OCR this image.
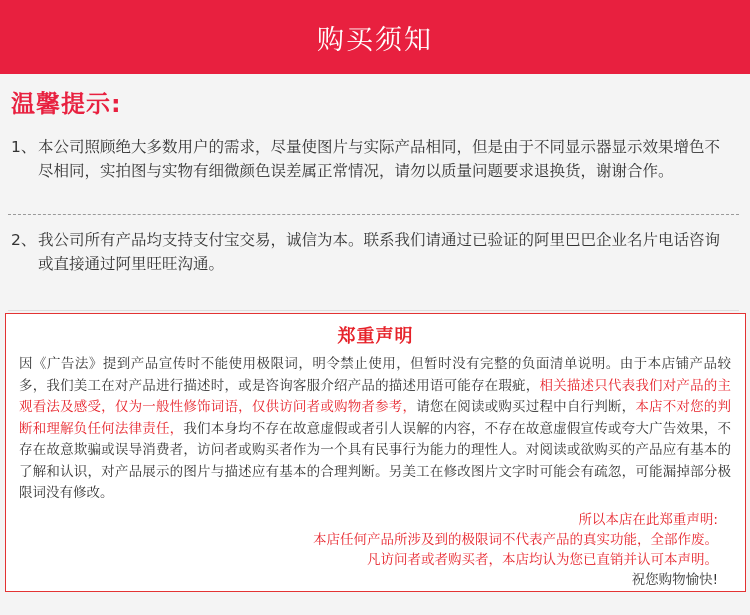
购买须知
温馨提示:
1、 本公司照顾绝大多数用户的需求，尽量使图片与实际产品相同，但是由于不同显示器显示效果增色不尽相同，实拍图与实物有细微颜色误差属正常情况，请勿以质量问题要求退换货，谢谢合作。
2、 我公司所有产品均支持支付宝交易，诚信为本。联系我们请通过已验证的阿里巴巴企业名片电话咨询或直接通过阿里旺旺沟通。
郑重声明
因《广告法》提到产品宣传时不能使用极限词，明令禁止使用，但暂时没有完整的负面清单说明。由于本店铺产品较多，我们美工在对产品进行描述时，或是咨询客服介绍产品的描述用语可能存在瑕疵，相关描述只代表我们对产品的主观看法及感受，仅为一般性修饰词语，仅供访问者或购物者参考，请您在阅读或购买过程中自行判断，本店不对您的判断和理解负任何法律责任，我们本身均不存在故意虚假或者引人误解的内容，不存在故意虚假宣传或夸大广告效果，不存在故意欺骗或误导消费者，访问者或购买者作为一个具有民事行为能力的理性人。对阅读或欲购买的产品应有基本的了解和认识，对产品展示的图片与描述应有基本的合理判断。另美工在修改图片文字时可能会有疏忽，可能漏掉部分极限词没有修改。
所以本店在此郑重声明:
本店任何产品所涉及到的极限词不代表产品的真实功能，全部作废。
凡访问者或者购买者，本店均认为您已直销并认可本声明。
祝您购物愉快!
